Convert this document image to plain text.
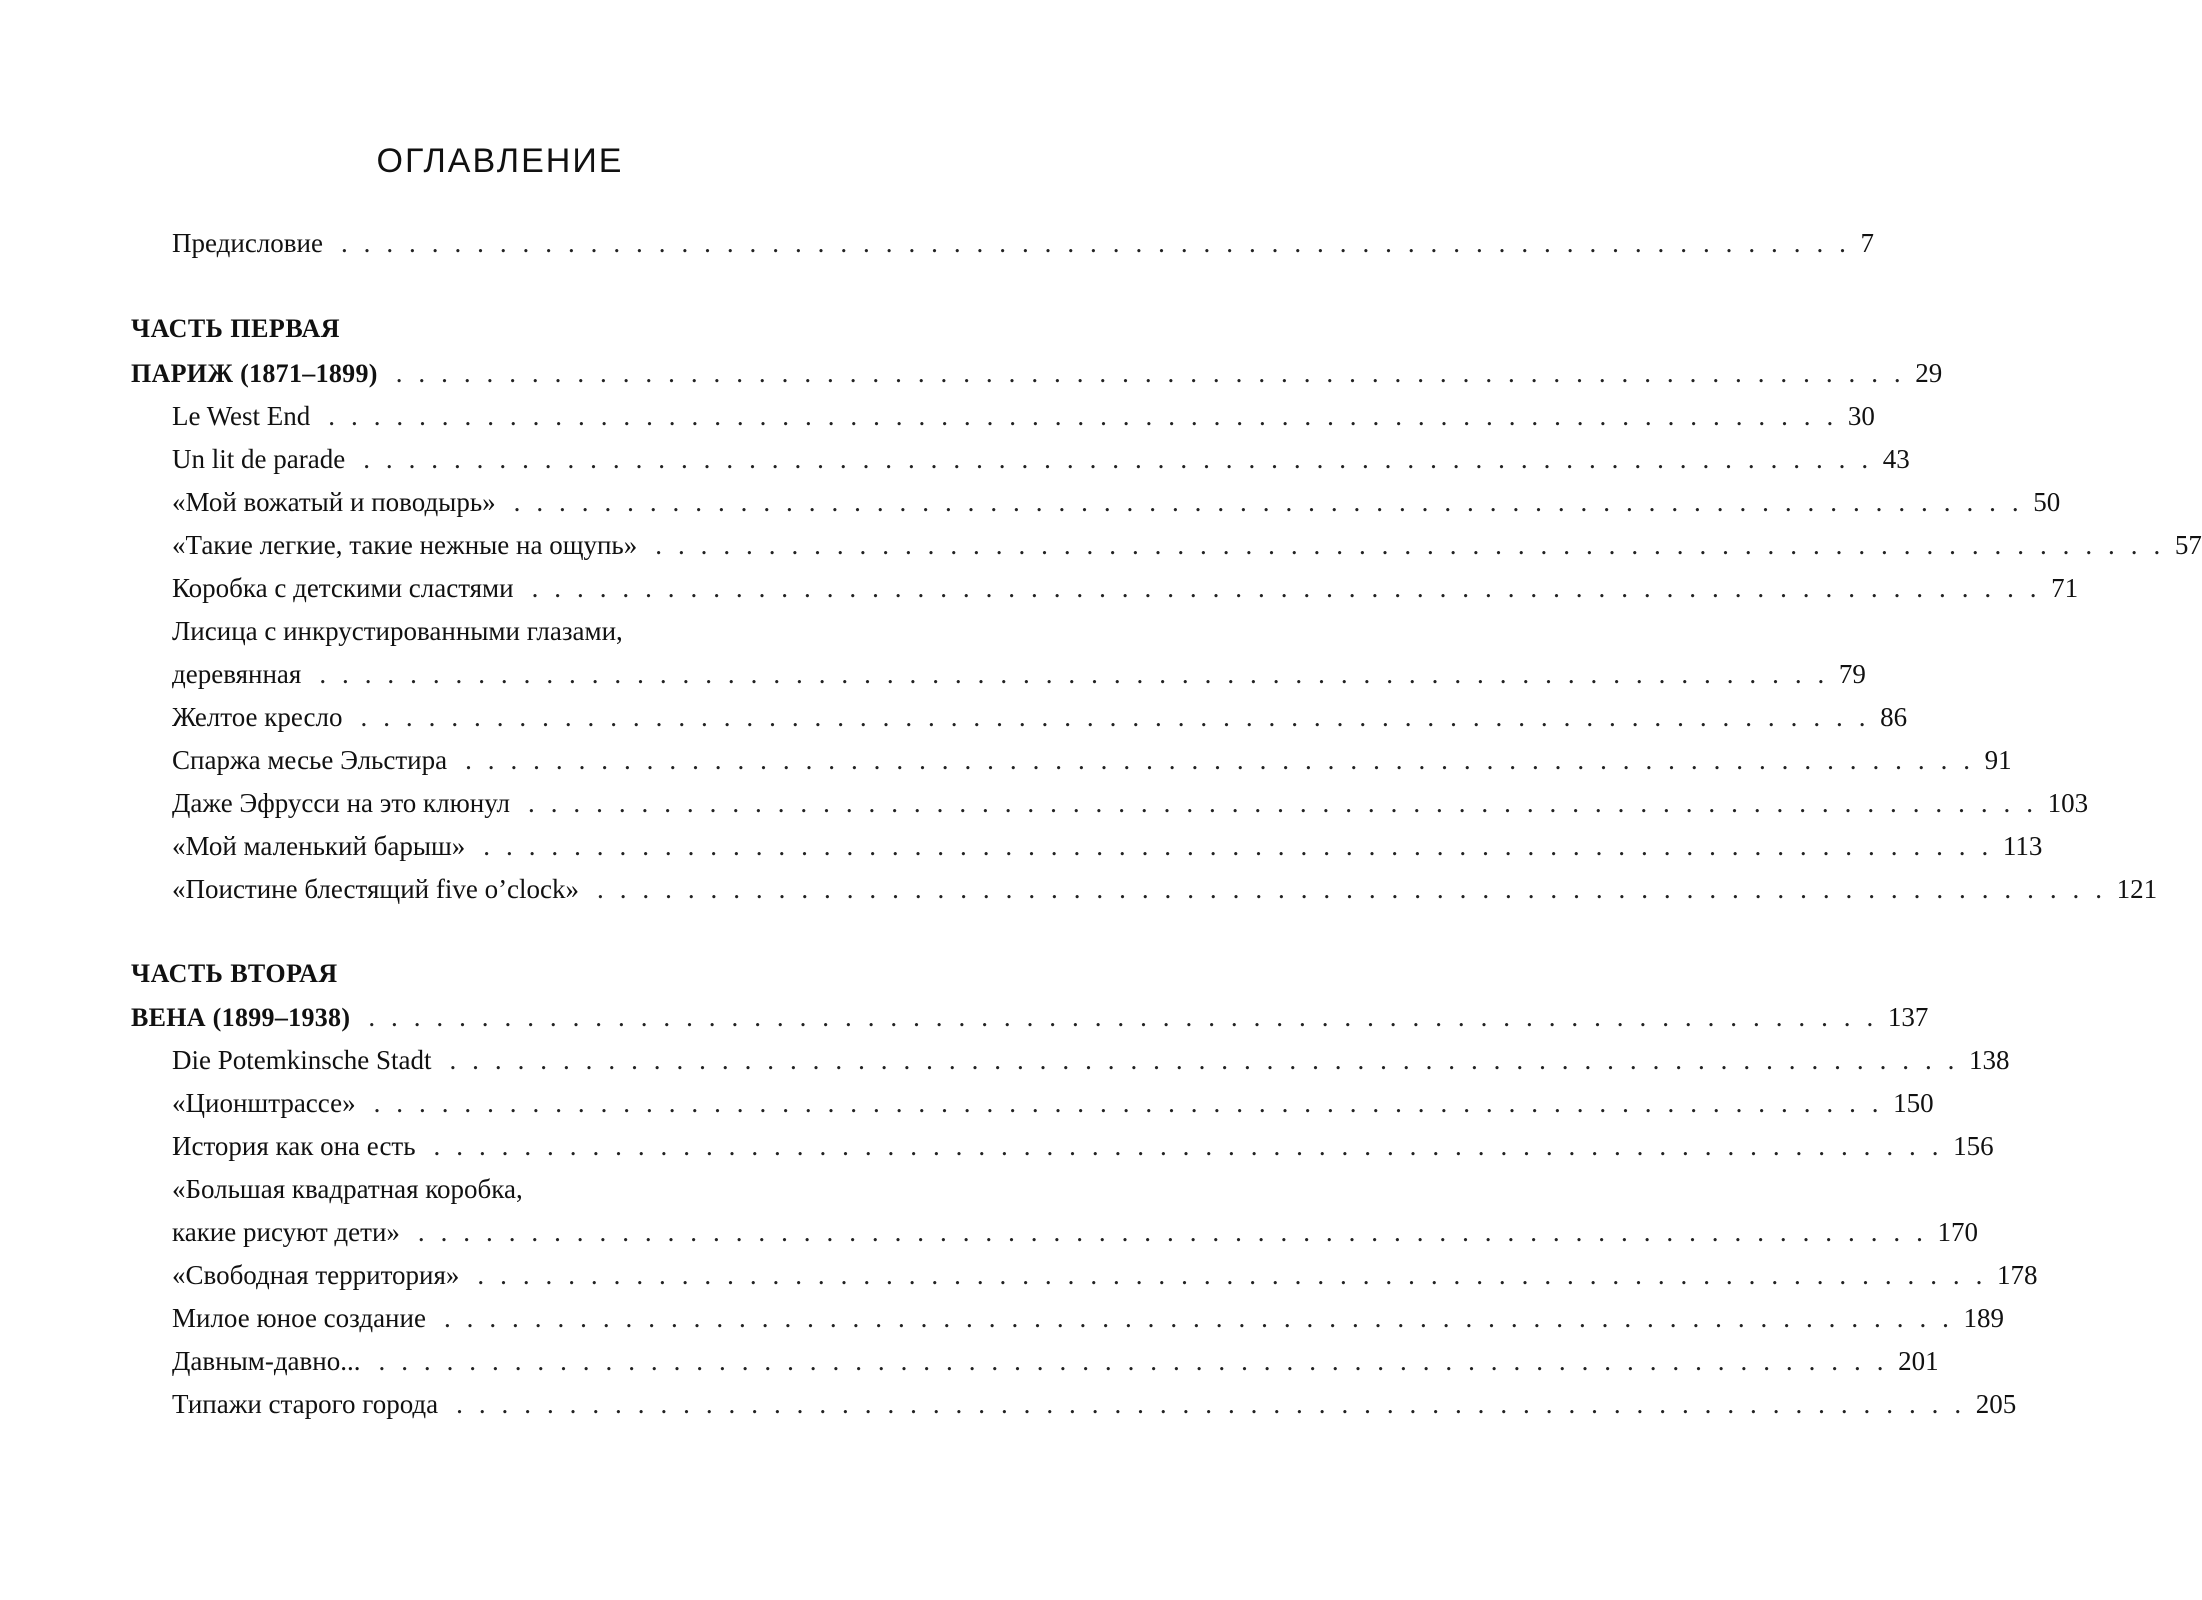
ОГЛАВЛЕНИЕ
Предисловие . . . . . . . . . . . . . . . . . . . . . . . . . . . . . . . . . . . . . . . . . . . . . . . . . . . . . . . . . . . . . . . . . . . 7
ЧАСТЬ ПЕРВАЯ
ПАРИЖ (1871–1899) . . . . . . . . . . . . . . . . . . . . . . . . . . . . . . . . . . . . . . . . . . . . . . . . . . . . . . . . . . . . . . . . . . . 29
Le West End . . . . . . . . . . . . . . . . . . . . . . . . . . . . . . . . . . . . . . . . . . . . . . . . . . . . . . . . . . . . . . . . . . . 30
Un lit de parade . . . . . . . . . . . . . . . . . . . . . . . . . . . . . . . . . . . . . . . . . . . . . . . . . . . . . . . . . . . . . . . . . . . 43
«Мой вожатый и поводырь» . . . . . . . . . . . . . . . . . . . . . . . . . . . . . . . . . . . . . . . . . . . . . . . . . . . . . . . . . . . . . . . . . . . 50
«Такие легкие, такие нежные на ощупь» . . . . . . . . . . . . . . . . . . . . . . . . . . . . . . . . . . . . . . . . . . . . . . . . . . . . . . . . . . . . . . . . . . . 57
Коробка с детскими сластями . . . . . . . . . . . . . . . . . . . . . . . . . . . . . . . . . . . . . . . . . . . . . . . . . . . . . . . . . . . . . . . . . . . 71
Лисица с инкрустированными глазами,
деревянная . . . . . . . . . . . . . . . . . . . . . . . . . . . . . . . . . . . . . . . . . . . . . . . . . . . . . . . . . . . . . . . . . . . 79
Желтое кресло . . . . . . . . . . . . . . . . . . . . . . . . . . . . . . . . . . . . . . . . . . . . . . . . . . . . . . . . . . . . . . . . . . . 86
Спаржа месье Эльстира . . . . . . . . . . . . . . . . . . . . . . . . . . . . . . . . . . . . . . . . . . . . . . . . . . . . . . . . . . . . . . . . . . . 91
Даже Эфрусси на это клюнул . . . . . . . . . . . . . . . . . . . . . . . . . . . . . . . . . . . . . . . . . . . . . . . . . . . . . . . . . . . . . . . . . . . 103
«Мой маленький барыш» . . . . . . . . . . . . . . . . . . . . . . . . . . . . . . . . . . . . . . . . . . . . . . . . . . . . . . . . . . . . . . . . . . . 113
«Поистине блестящий five o’clock» . . . . . . . . . . . . . . . . . . . . . . . . . . . . . . . . . . . . . . . . . . . . . . . . . . . . . . . . . . . . . . . . . . . 121
ЧАСТЬ ВТОРАЯ
ВЕНА (1899–1938) . . . . . . . . . . . . . . . . . . . . . . . . . . . . . . . . . . . . . . . . . . . . . . . . . . . . . . . . . . . . . . . . . . . 137
Die Potemkinsche Stadt . . . . . . . . . . . . . . . . . . . . . . . . . . . . . . . . . . . . . . . . . . . . . . . . . . . . . . . . . . . . . . . . . . . 138
«Ционштрассе» . . . . . . . . . . . . . . . . . . . . . . . . . . . . . . . . . . . . . . . . . . . . . . . . . . . . . . . . . . . . . . . . . . . 150
История как она есть . . . . . . . . . . . . . . . . . . . . . . . . . . . . . . . . . . . . . . . . . . . . . . . . . . . . . . . . . . . . . . . . . . . 156
«Большая квадратная коробка,
какие рисуют дети» . . . . . . . . . . . . . . . . . . . . . . . . . . . . . . . . . . . . . . . . . . . . . . . . . . . . . . . . . . . . . . . . . . . 170
«Свободная территория» . . . . . . . . . . . . . . . . . . . . . . . . . . . . . . . . . . . . . . . . . . . . . . . . . . . . . . . . . . . . . . . . . . . 178
Милое юное создание . . . . . . . . . . . . . . . . . . . . . . . . . . . . . . . . . . . . . . . . . . . . . . . . . . . . . . . . . . . . . . . . . . . 189
Давным-давно... . . . . . . . . . . . . . . . . . . . . . . . . . . . . . . . . . . . . . . . . . . . . . . . . . . . . . . . . . . . . . . . . . . . 201
Типажи старого города . . . . . . . . . . . . . . . . . . . . . . . . . . . . . . . . . . . . . . . . . . . . . . . . . . . . . . . . . . . . . . . . . . . 205
